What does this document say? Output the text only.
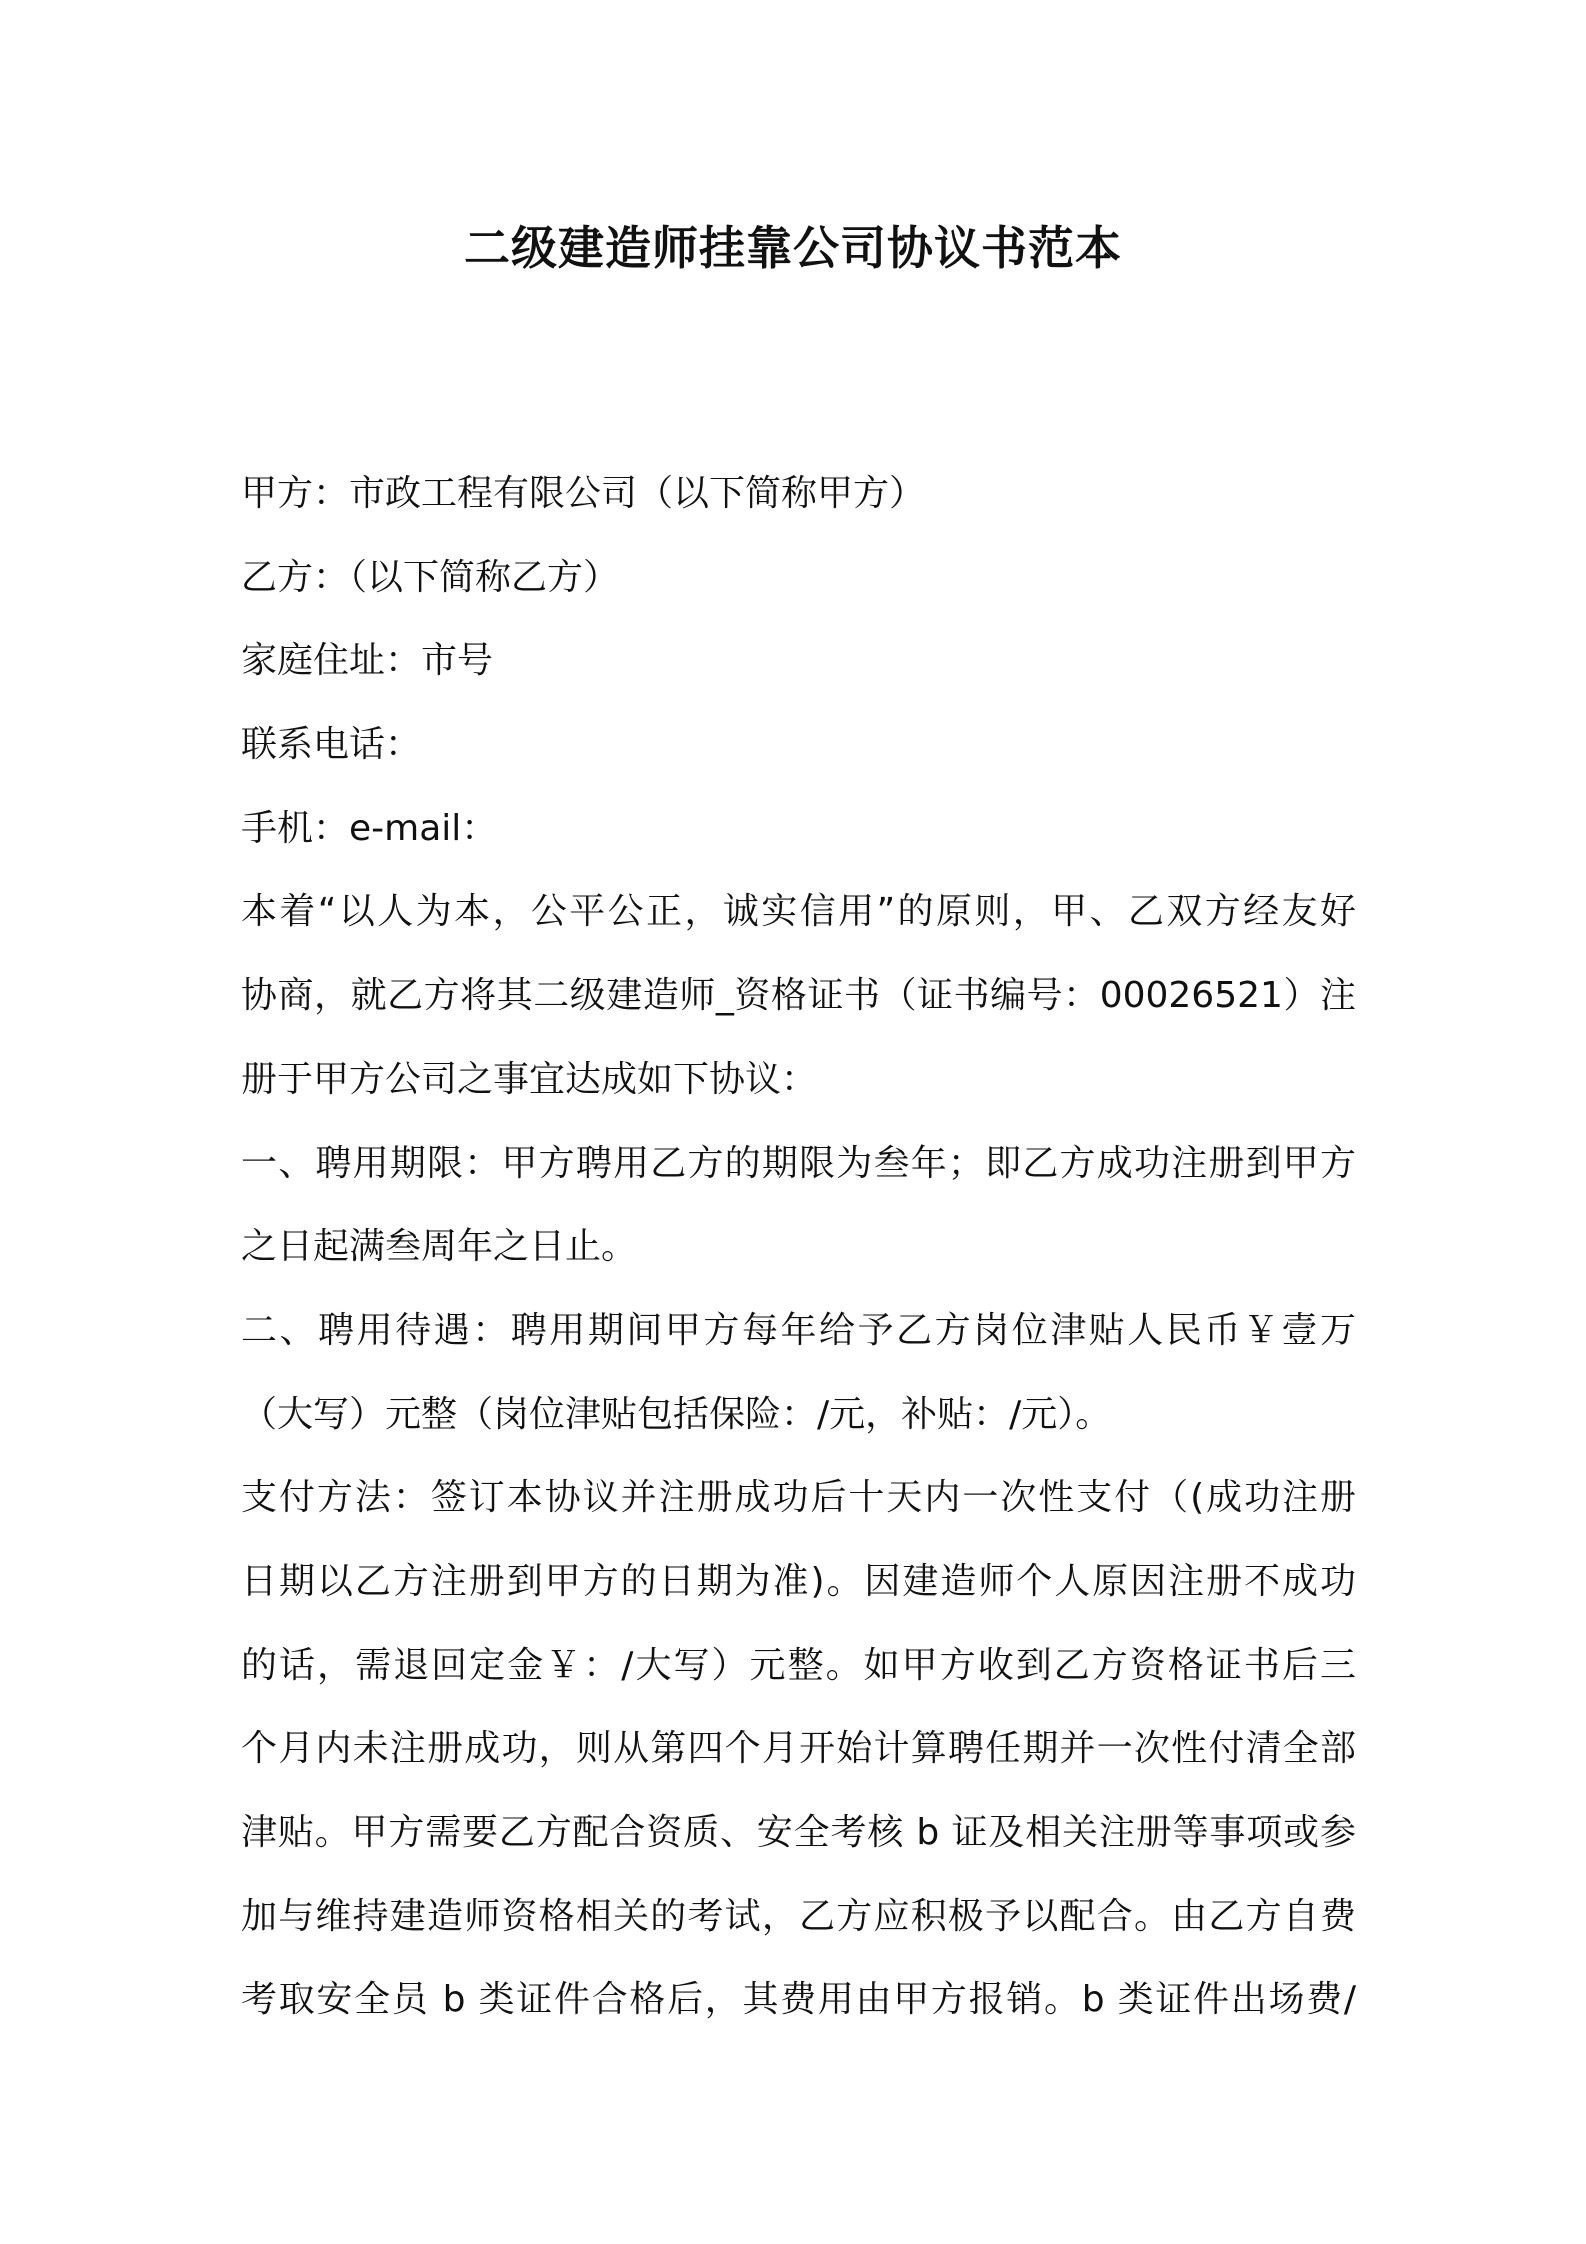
二级建造师挂靠公司协议书范本
甲方：市政工程有限公司（以下简称甲方）
乙方：（以下简称乙方）
家庭住址：市号
联系电话：
手机：e-mail：
本着“以人为本，公平公正，诚实信用”的原则，甲、乙双方经友好
协商，就乙方将其二级建造师_资格证书（证书编号：00026521）注
册于甲方公司之事宜达成如下协议：
一、聘用期限：甲方聘用乙方的期限为叁年；即乙方成功注册到甲方
之日起满叁周年之日止。
二、聘用待遇：聘用期间甲方每年给予乙方岗位津贴人民币￥壹万
（大写）元整（岗位津贴包括保险：/元，补贴：/元）。
支付方法：签订本协议并注册成功后十天内一次性支付（(成功注册
日期以乙方注册到甲方的日期为准)。因建造师个人原因注册不成功
的话，需退回定金￥：/大写）元整。如甲方收到乙方资格证书后三
个月内未注册成功，则从第四个月开始计算聘任期并一次性付清全部
津贴。甲方需要乙方配合资质、安全考核 b 证及相关注册等事项或参
加与维持建造师资格相关的考试，乙方应积极予以配合。由乙方自费
考取安全员 b 类证件合格后，其费用由甲方报销。b 类证件出场费/
